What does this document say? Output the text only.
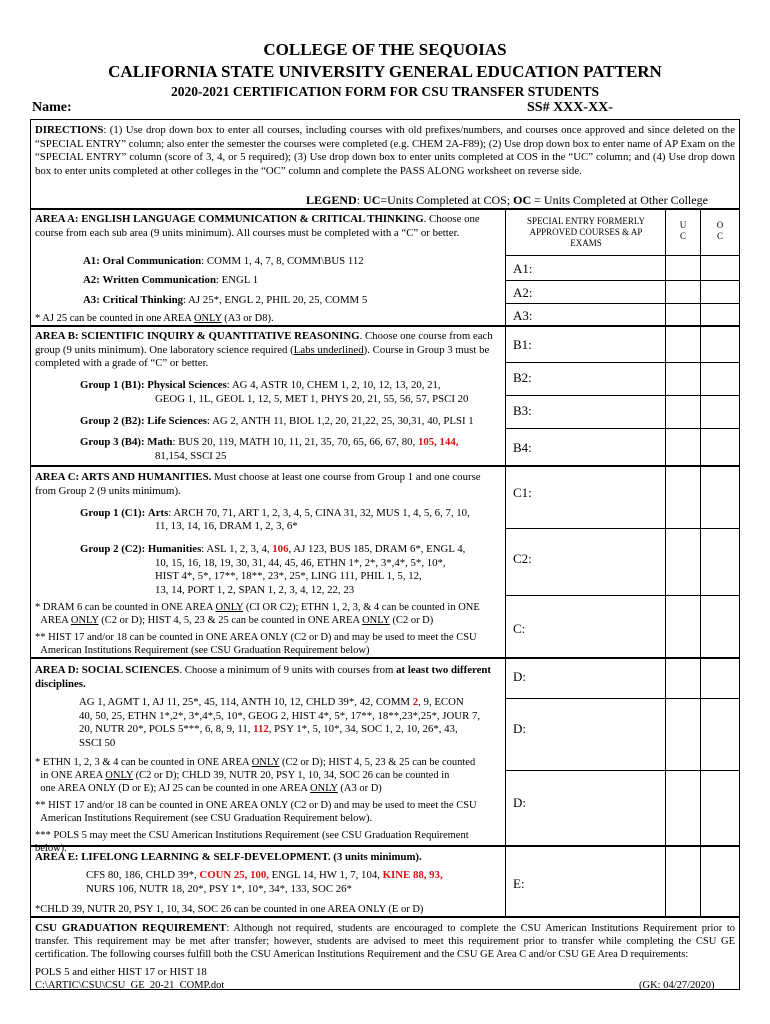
COLLEGE OF THE SEQUOIAS
CALIFORNIA STATE UNIVERSITY GENERAL EDUCATION PATTERN
2020-2021 CERTIFICATION FORM FOR CSU TRANSFER STUDENTS
Name:	SS# XXX-XX-
DIRECTIONS: (1) Use drop down box to enter all courses, including courses with old prefixes/numbers, and courses once approved and since deleted on the “SPECIAL ENTRY” column; also enter the semester the courses were completed (e.g. CHEM 2A-F89); (2) Use drop down box to enter name of AP Exam on the “SPECIAL ENTRY” column (score of 3, 4, or 5 required); (3) Use drop down box to enter units completed at COS in the “UC” column; and (4) Use drop down box to enter units completed at other colleges in the “OC” column and complete the PASS ALONG worksheet on reverse side.
LEGEND: UC=Units Completed at COS; OC = Units Completed at Other College
SPECIAL ENTRY FORMERLY APPROVED COURSES & AP EXAMS
U
C
O
C
AREA A: ENGLISH LANGUAGE COMMUNICATION & CRITICAL THINKING. Choose one course from each sub area (9 units minimum). All courses must be completed with a “C” or better.
A1: Oral Communication: COMM 1, 4, 7, 8, COMM\BUS 112
A2: Written Communication: ENGL 1
A3: Critical Thinking: AJ 25*, ENGL 2, PHIL 20, 25, COMM 5
* AJ 25 can be counted in one AREA ONLY (A3 or D8).
A1:
A2:
A3:
AREA B: SCIENTIFIC INQUIRY & QUANTITATIVE REASONING. Choose one course from each group (9 units minimum). One laboratory science required (Labs underlined). Course in Group 3 must be completed with a grade of “C” or better.
Group 1 (B1): Physical Sciences: AG 4, ASTR 10, CHEM 1, 2, 10, 12, 13, 20, 21,
GEOG 1, 1L, GEOL 1, 12, 5, MET 1, PHYS 20, 21, 55, 56, 57, PSCI 20
Group 2 (B2): Life Sciences: AG 2, ANTH 11, BIOL 1,2, 20, 21,22, 25, 30,31, 40, PLSI 1
Group 3 (B4): Math: BUS 20, 119, MATH 10, 11, 21, 35, 70, 65, 66, 67, 80, 105, 144,
81,154, SSCI 25
B1:
B2:
B3:
B4:
AREA C: ARTS AND HUMANITIES. Must choose at least one course from Group 1 and one course from Group 2 (9 units minimum).
Group 1 (C1): Arts: ARCH 70, 71, ART 1, 2, 3, 4, 5, CINA 31, 32, MUS 1, 4, 5, 6, 7, 10,
11, 13, 14, 16, DRAM 1, 2, 3, 6*
Group 2 (C2): Humanities: ASL 1, 2, 3, 4, 106, AJ 123, BUS 185, DRAM 6*, ENGL 4,
10, 15, 16, 18, 19, 30, 31, 44, 45, 46, ETHN 1*, 2*, 3*,4*, 5*, 10*,
HIST 4*, 5*, 17**, 18**, 23*, 25*, LING 111, PHIL 1, 5, 12,
13, 14, PORT 1, 2, SPAN 1, 2, 3, 4, 12, 22, 23
* DRAM 6 can be counted in ONE AREA ONLY (CI OR C2); ETHN 1, 2, 3, & 4 can be counted in ONE
AREA ONLY (C2 or D); HIST 4, 5, 23 & 25 can be counted in ONE AREA ONLY (C2 or D)
** HIST 17 and/or 18 can be counted in ONE AREA ONLY (C2 or D) and may be used to meet the CSU
American Institutions Requirement (see CSU Graduation Requirement below)
C1:
C2:
C:
AREA D: SOCIAL SCIENCES. Choose a minimum of 9 units with courses from at least two different disciplines.
AG 1, AGMT 1, AJ 11, 25*, 45, 114, ANTH 10, 12, CHLD 39*, 42, COMM 2, 9, ECON
40, 50, 25, ETHN 1*,2*, 3*,4*,5, 10*, GEOG 2, HIST 4*, 5*, 17**, 18**,23*,25*, JOUR 7,
20, NUTR 20*, POLS 5***, 6, 8, 9, 11, 112, PSY 1*, 5, 10*, 34, SOC 1, 2, 10, 26*, 43,
SSCI 50
* ETHN 1, 2, 3 & 4 can be counted in ONE AREA ONLY (C2 or D); HIST 4, 5, 23 & 25 can be counted
in ONE AREA ONLY (C2 or D); CHLD 39, NUTR 20, PSY 1, 10, 34, SOC 26 can be counted in
one AREA ONLY (D or E); AJ 25 can be counted in one AREA ONLY (A3 or D)
** HIST 17 and/or 18 can be counted in ONE AREA ONLY (C2 or D) and may be used to meet the CSU
American Institutions Requirement (see CSU Graduation Requirement below).
*** POLS 5 may meet the CSU American Institutions Requirement (see CSU Graduation Requirement below).
D:
D:
D:
AREA E: LIFELONG LEARNING & SELF-DEVELOPMENT. (3 units minimum).
CFS 80, 186, CHLD 39*, COUN 25, 100, ENGL 14, HW 1, 7, 104, KINE 88, 93,
NURS 106, NUTR 18, 20*, PSY 1*, 10*, 34*, 133, SOC 26*
*CHLD 39, NUTR 20, PSY 1, 10, 34, SOC 26 can be counted in one AREA ONLY (E or D)
E:
CSU GRADUATION REQUIREMENT: Although not required, students are encouraged to complete the CSU American Institutions Requirement prior to transfer. This requirement may be met after transfer; however, students are advised to meet this requirement prior to transfer while completing the CSU GE certification. The following courses fulfill both the CSU American Institutions Requirement and the CSU GE Area C and/or CSU GE Area D requirements:
POLS 5 and either HIST 17 or HIST 18
C:\ARTIC\CSU\CSU_GE_20-21_COMP.dot	(GK: 04/27/2020)
